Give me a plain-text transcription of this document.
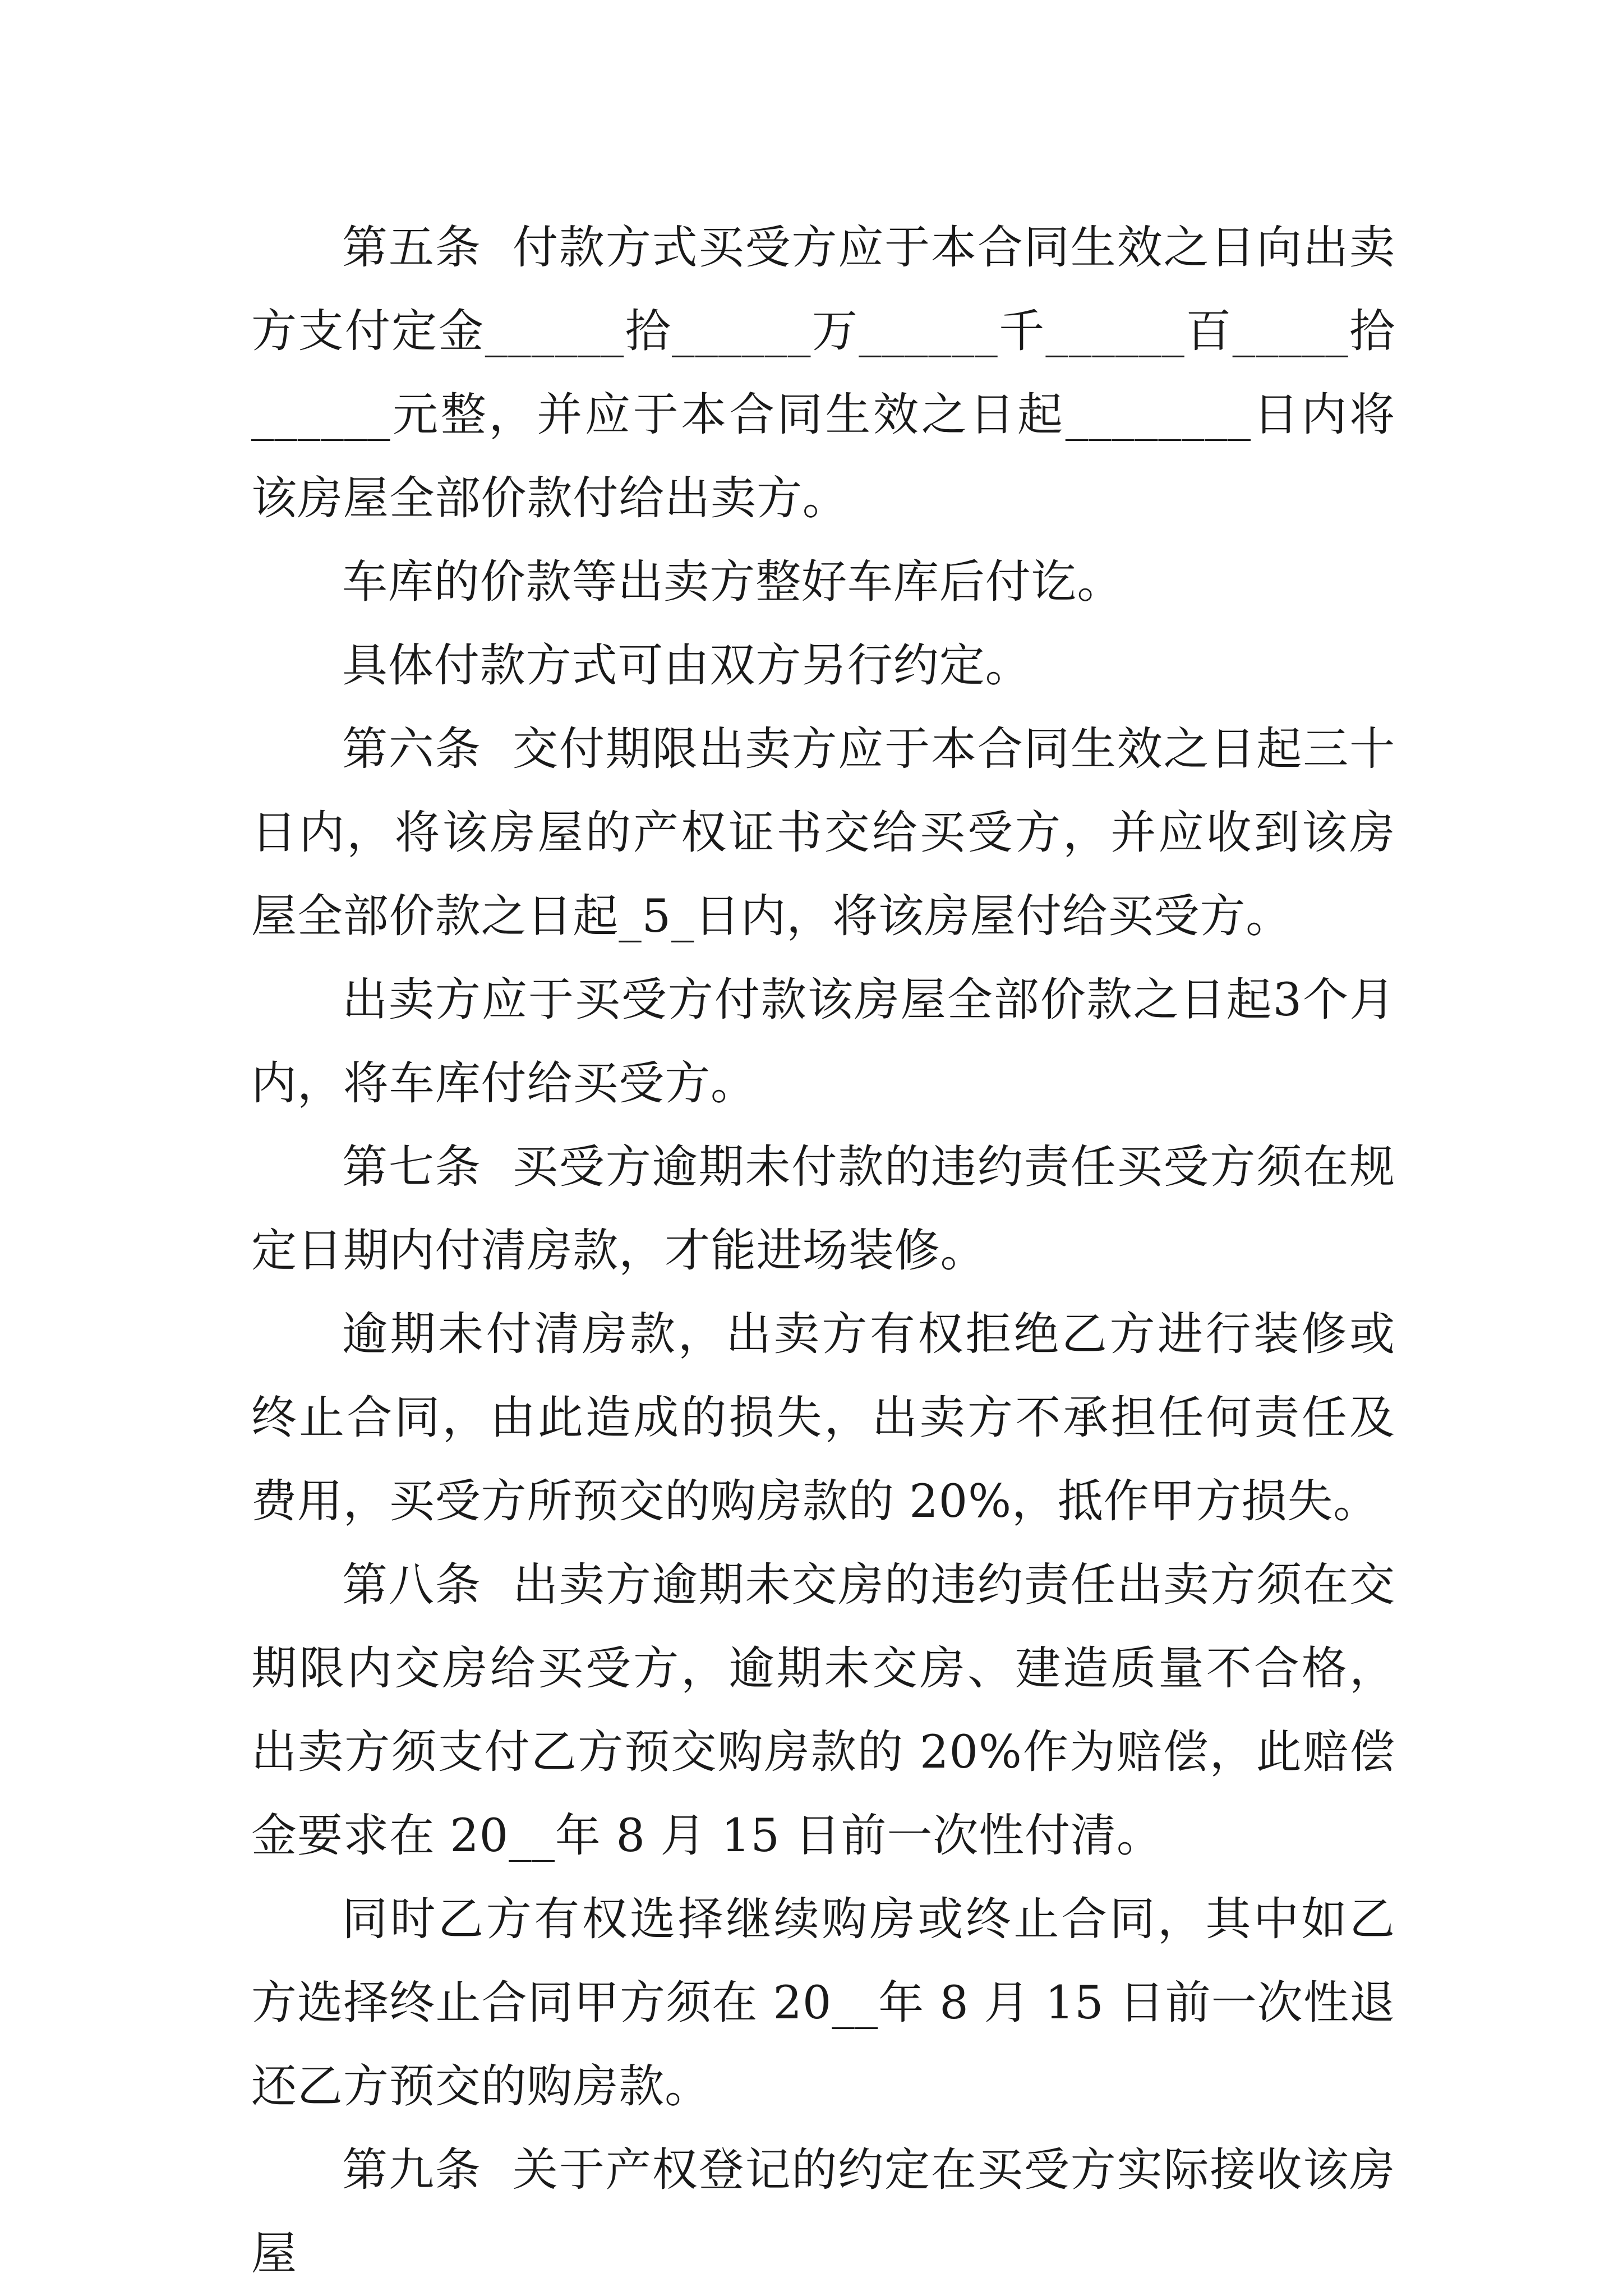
第五条  付款方式买受方应于本合同生效之日向出卖方支付定金______拾______万______千______百_____拾______元整，并应于本合同生效之日起________日内将该房屋全部价款付给出卖方。

车库的价款等出卖方整好车库后付讫。

具体付款方式可由双方另行约定。

第六条  交付期限出卖方应于本合同生效之日起三十日内，将该房屋的产权证书交给买受方，并应收到该房屋全部价款之日起_5_日内，将该房屋付给买受方。

出卖方应于买受方付款该房屋全部价款之日起3个月内，将车库付给买受方。

第七条  买受方逾期未付款的违约责任买受方须在规定日期内付清房款，才能进场装修。

逾期未付清房款，出卖方有权拒绝乙方进行装修或终止合同，由此造成的损失，出卖方不承担任何责任及费用，买受方所预交的购房款的 20%，抵作甲方损失。

第八条  出卖方逾期未交房的违约责任出卖方须在交期限内交房给买受方，逾期未交房、建造质量不合格，出卖方须支付乙方预交购房款的 20%作为赔偿，此赔偿金要求在 20__年 8 月 15 日前一次性付清。

同时乙方有权选择继续购房或终止合同，其中如乙方选择终止合同甲方须在 20__年 8 月 15 日前一次性退还乙方预交的购房款。

第九条  关于产权登记的约定在买受方实际接收该房屋
